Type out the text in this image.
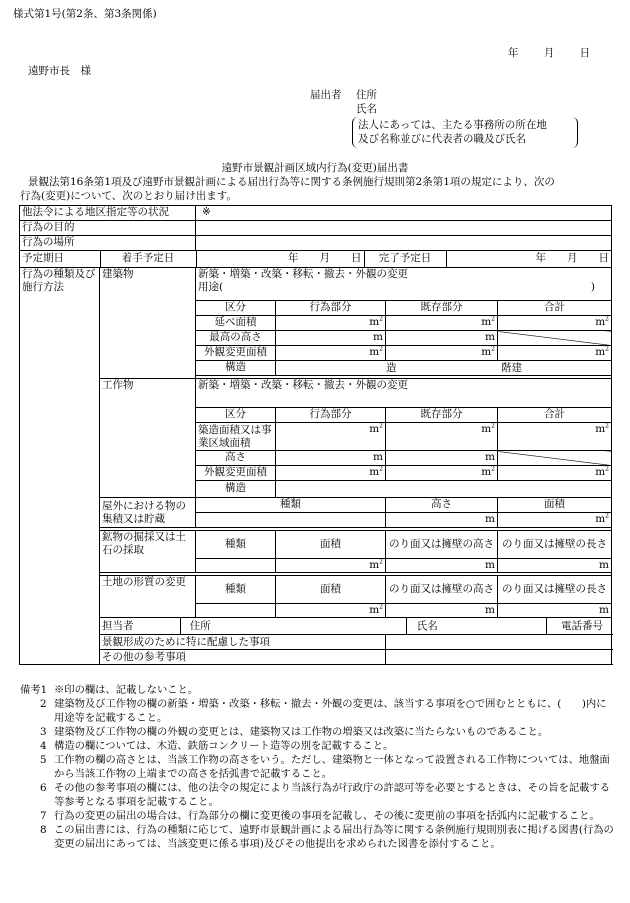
様式第1号(第2条、第3条関係)
年 月 日
遠野市長　様
届出者 住所
氏名
法人にあっては、主たる事務所の所在地
及び名称並びに代表者の職及び氏名
遠野市景観計画区域内行為(変更)届出書
景観法第16条第1項及び遠野市景観計画による届出行為等に関する条例施行規則第2条第1項の規定により、次の
行為(変更)について、次のとおり届け出ます。
他法令による地区指定等の状況	※
行為の目的	
行為の場所	

予定期日	着手予定日	年　　月　　日	完了予定日	年　　月　　日

行為の種類及び施行方法	建築物	新築・増築・改築・移転・撤去・外観の変更
用途(	)

区分	行為部分	既存部分	合計
延べ面積	$m^2$	$m^2$	$m^2$
最高の高さ	m	m	
外観変更面積	$m^2$	$m^2$	$m^2$
構造	造	階建

工作物	新築・増築・改築・移転・撤去・外観の変更
区分	行為部分	既存部分	合計
築造面積又は事業区域面積	$m^2$	$m^2$	$m^2$
高さ	m	m	
外観変更面積	$m^2$	$m^2$	$m^2$
構造	
屋外における物の集積又は貯蔵	種類	高さ	面積
	m	$m^2$

鉱物の掘採又は土石の採取	種類	面積	のり面又は擁壁の高さ	のり面又は擁壁の長さ
	$m^2$	m	m

土地の形質の変更	種類	面積	のり面又は擁壁の高さ	のり面又は擁壁の長さ
	$m^2$	m	m

担当者	住所		氏名		電話番号	

景観形成のために特に配慮した事項	
その他の参考事項	
備考1 ※印の欄は、記載しないこと。
2 建築物及び工作物の欄の新築・増築・改築・移転・撤去・外観の変更は、該当する事項を○で囲むとともに、(　　)内に用途等を記載すること。
3 建築物及び工作物の欄の外観の変更とは、建築物又は工作物の増築又は改築に当たらないものであること。
4 構造の欄については、木造、鉄筋コンクリート造等の別を記載すること。
5 工作物の欄の高さとは、当該工作物の高さをいう。ただし、建築物と一体となって設置される工作物については、地盤面から当該工作物の上端までの高さを括弧書で記載すること。
6 その他の参考事項の欄には、他の法令の規定により当該行為が行政庁の許認可等を必要とするときは、その旨を記載する等参考となる事項を記載すること。
7 行為の変更の届出の場合は、行為部分の欄に変更後の事項を記載し、その後に変更前の事項を括弧内に記載すること。
8 この届出書には、行為の種類に応じて、遠野市景観計画による届出行為等に関する条例施行規則別表に掲げる図書(行為の変更の届出にあっては、当該変更に係る事項)及びその他提出を求められた図書を添付すること。
